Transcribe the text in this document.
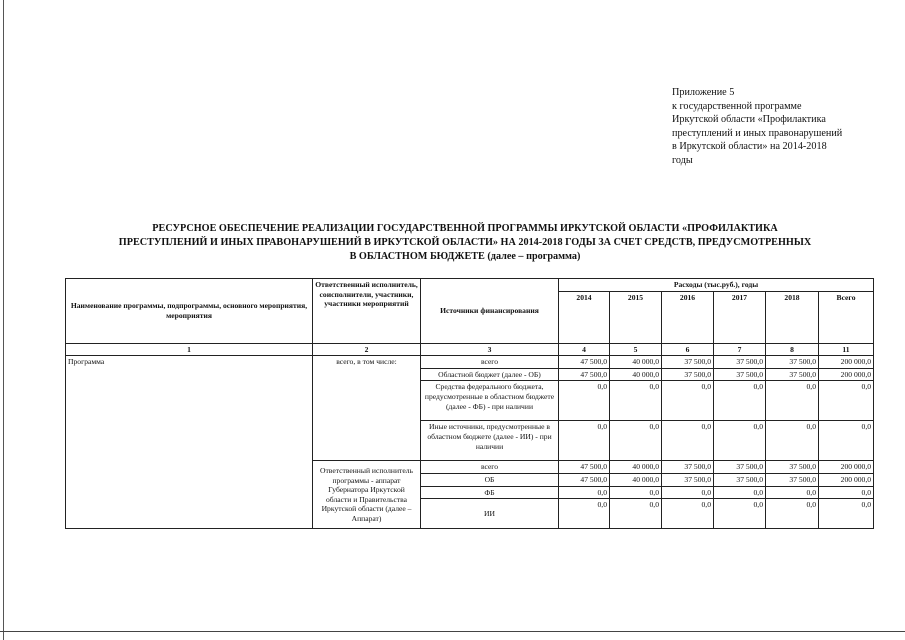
Приложение 5
к государственной программе
Иркутской области «Профилактика
преступлений и иных правонарушений
в Иркутской области» на 2014-2018
годы
РЕСУРСНОЕ ОБЕСПЕЧЕНИЕ РЕАЛИЗАЦИИ ГОСУДАРСТВЕННОЙ ПРОГРАММЫ ИРКУТСКОЙ ОБЛАСТИ «ПРОФИЛАКТИКА
ПРЕСТУПЛЕНИЙ И ИНЫХ ПРАВОНАРУШЕНИЙ В ИРКУТСКОЙ ОБЛАСТИ» НА 2014-2018 ГОДЫ ЗА СЧЕТ СРЕДСТВ, ПРЕДУСМОТРЕННЫХ
В ОБЛАСТНОМ БЮДЖЕТЕ (далее – программа)
Наименование программы, подпрограммы, основного мероприятия, мероприятия	Ответственный исполнитель, соисполнители, участники, участники мероприятий	Источники финансирования	Расходы (тыс.руб.), годы					
			2014	2015	2016	2017	2018	Всего
1	2	3	4	5	6	7	8	11
Программа	всего, в том числе:	всего	47 500,0	40 000,0	37 500,0	37 500,0	37 500,0	200 000,0
		Областной бюджет (далее - ОБ)	47 500,0	40 000,0	37 500,0	37 500,0	37 500,0	200 000,0
		Средства федерального бюджета, предусмотренные в областном бюджете (далее - ФБ) - при наличии	0,0	0,0	0,0	0,0	0,0	0,0
		Иные источники, предусмотренные в областном бюджете (далее - ИИ) - при наличии	0,0	0,0	0,0	0,0	0,0	0,0
	Ответственный исполнитель программы - аппарат Губернатора Иркутской области и Правительства Иркутской области (далее – Аппарат)	всего	47 500,0	40 000,0	37 500,0	37 500,0	37 500,0	200 000,0
		ОБ	47 500,0	40 000,0	37 500,0	37 500,0	37 500,0	200 000,0
		ФБ	0,0	0,0	0,0	0,0	0,0	0,0
		ИИ	0,0	0,0	0,0	0,0	0,0	0,0
